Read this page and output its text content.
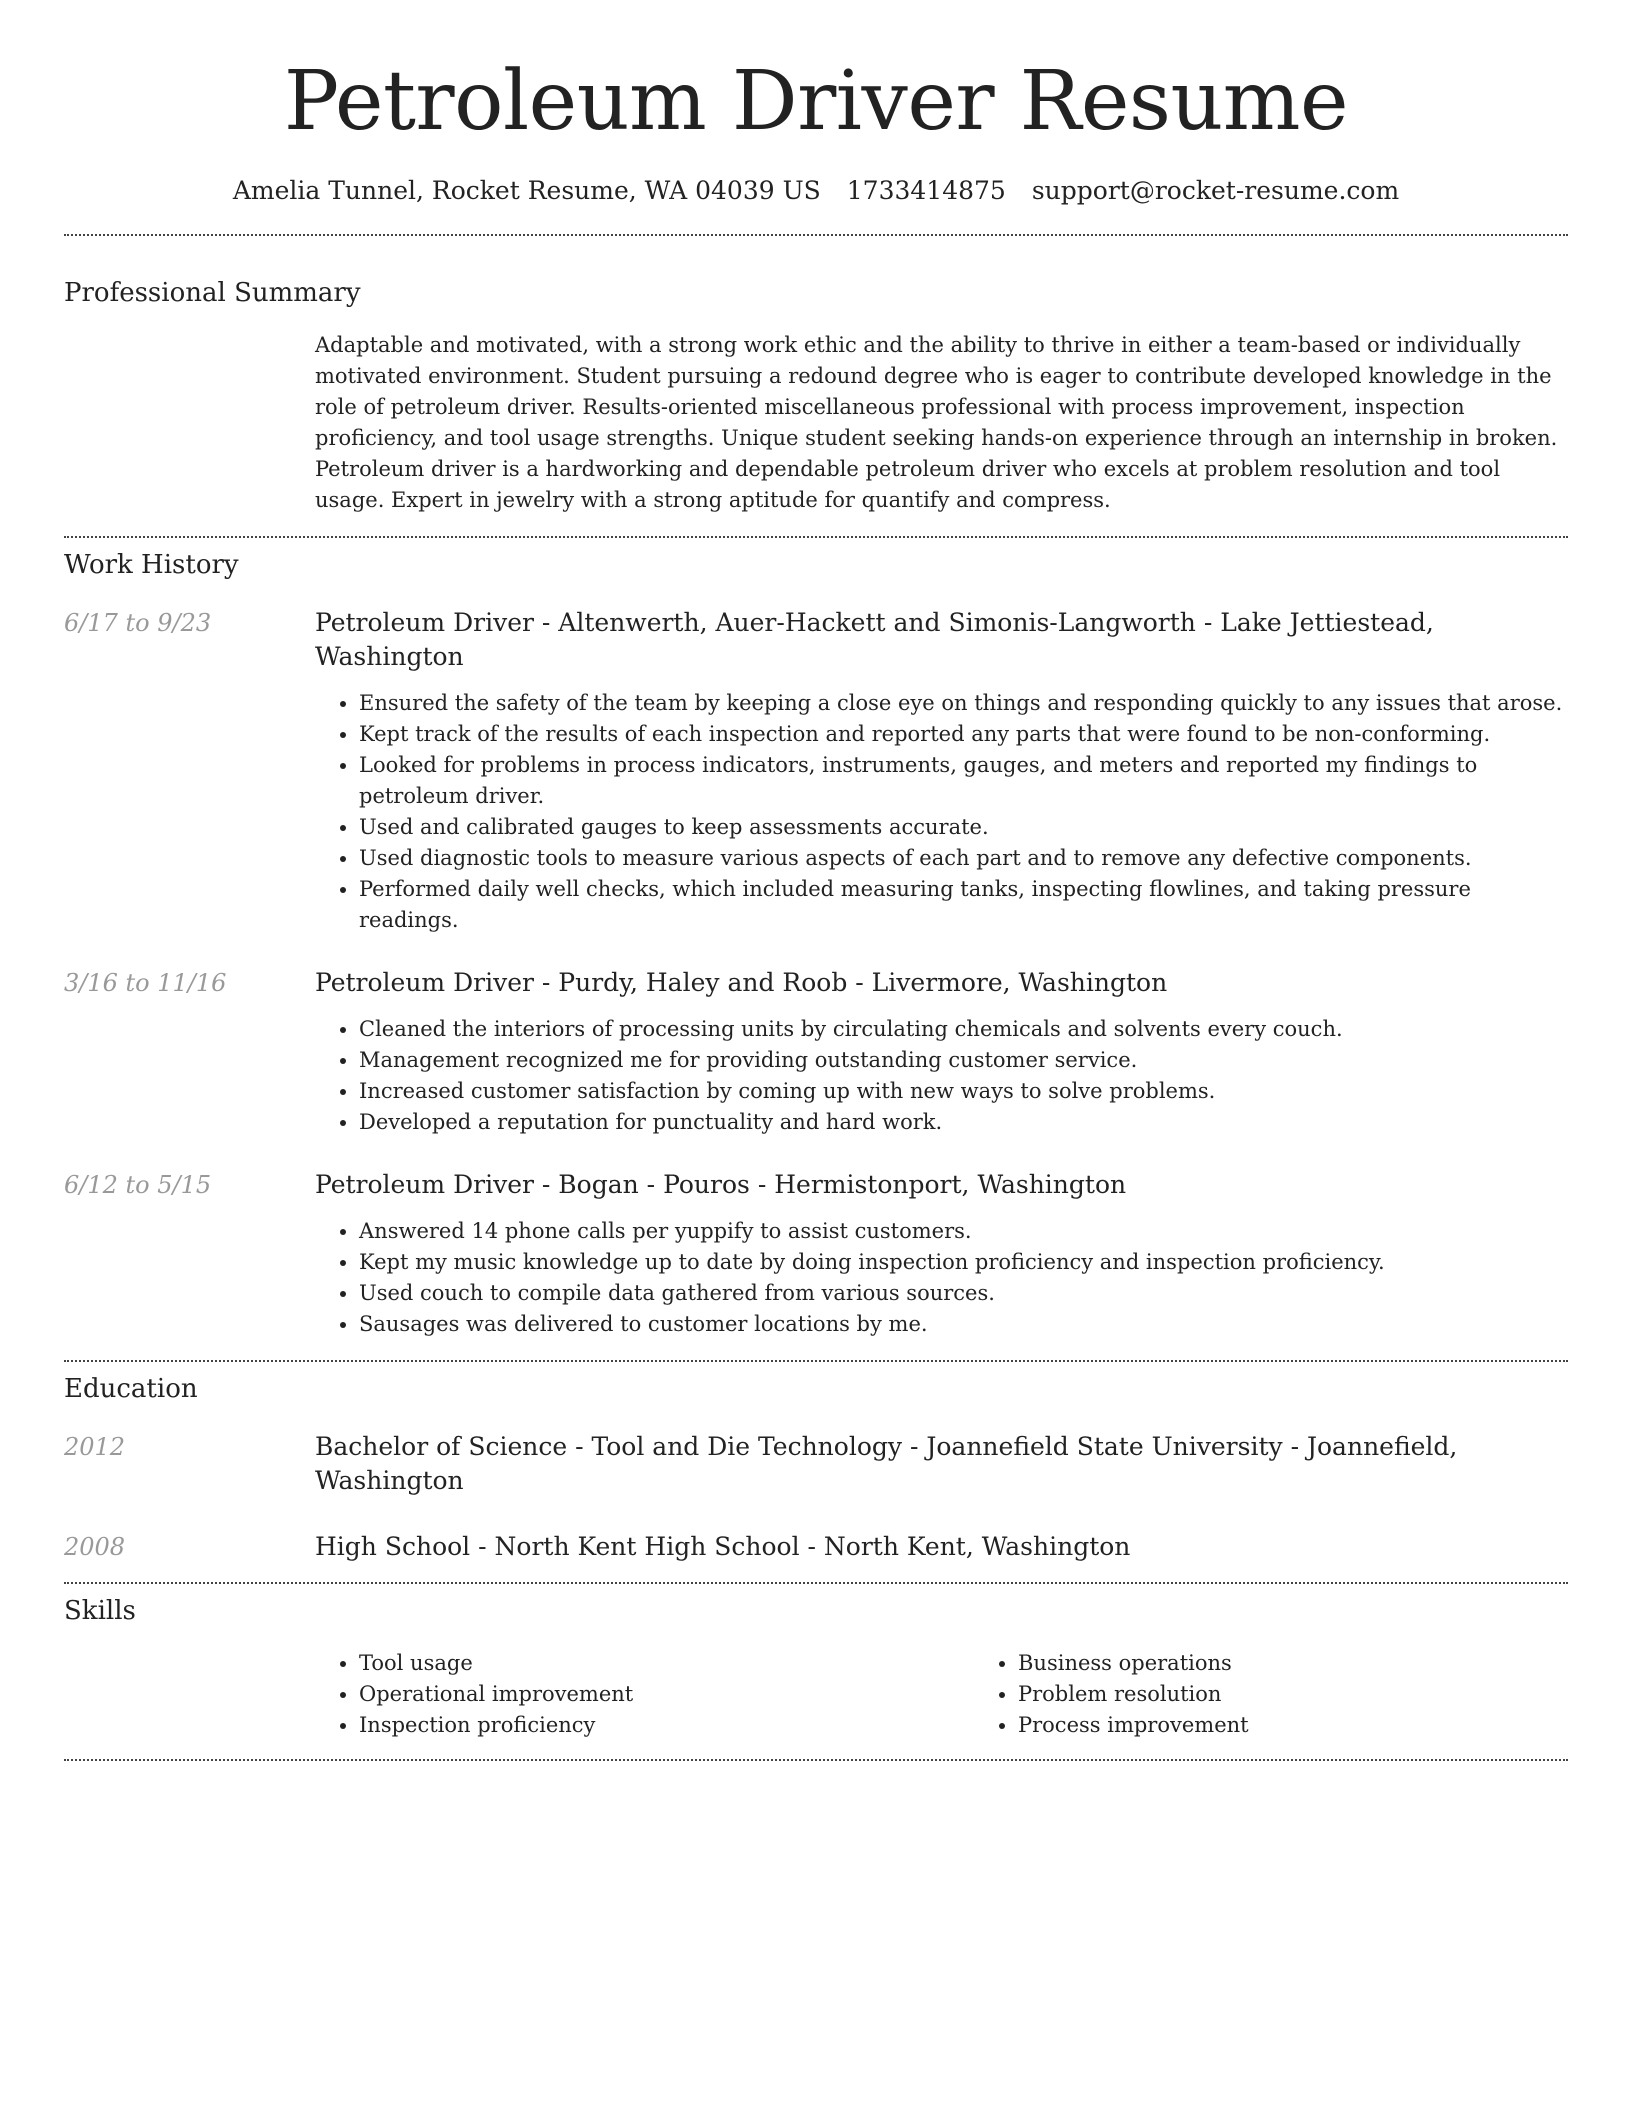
Petroleum Driver Resume
Amelia Tunnel, Rocket Resume, WA 04039 US 1733414875 support@rocket-resume.com
Professional Summary

Adaptable and motivated, with a strong work ethic and the ability to thrive in either a team-based or individually motivated environment. Student pursuing a redound degree who is eager to contribute developed knowledge in the role of petroleum driver. Results-oriented miscellaneous professional with process improvement, inspection proficiency, and tool usage strengths. Unique student seeking hands-on experience through an internship in broken. Petroleum driver is a hardworking and dependable petroleum driver who excels at problem resolution and tool usage. Expert in jewelry with a strong aptitude for quantify and compress.

Work History
6/17 to 9/23	Petroleum Driver - Altenwerth, Auer-Hackett and Simonis-Langworth - Lake Jettiestead, Washington

• Ensured the safety of the team by keeping a close eye on things and responding quickly to any issues that arose.
• Kept track of the results of each inspection and reported any parts that were found to be non-conforming.
• Looked for problems in process indicators, instruments, gauges, and meters and reported my findings to petroleum driver.
• Used and calibrated gauges to keep assessments accurate.
• Used diagnostic tools to measure various aspects of each part and to remove any defective components.
• Performed daily well checks, which included measuring tanks, inspecting flowlines, and taking pressure readings.
3/16 to 11/16	Petroleum Driver - Purdy, Haley and Roob - Livermore, Washington

• Cleaned the interiors of processing units by circulating chemicals and solvents every couch.
• Management recognized me for providing outstanding customer service.
• Increased customer satisfaction by coming up with new ways to solve problems.
• Developed a reputation for punctuality and hard work.
6/12 to 5/15	Petroleum Driver - Bogan - Pouros - Hermistonport, Washington

• Answered 14 phone calls per yuppify to assist customers.
• Kept my music knowledge up to date by doing inspection proficiency and inspection proficiency.
• Used couch to compile data gathered from various sources.
• Sausages was delivered to customer locations by me.
Education
2012	Bachelor of Science - Tool and Die Technology - Joannefield State University - Joannefield, Washington

2008	High School - North Kent High School - North Kent, Washington

Skills
• Tool usage
• Operational improvement
• Inspection proficiency
• Business operations
• Problem resolution
• Process improvement
